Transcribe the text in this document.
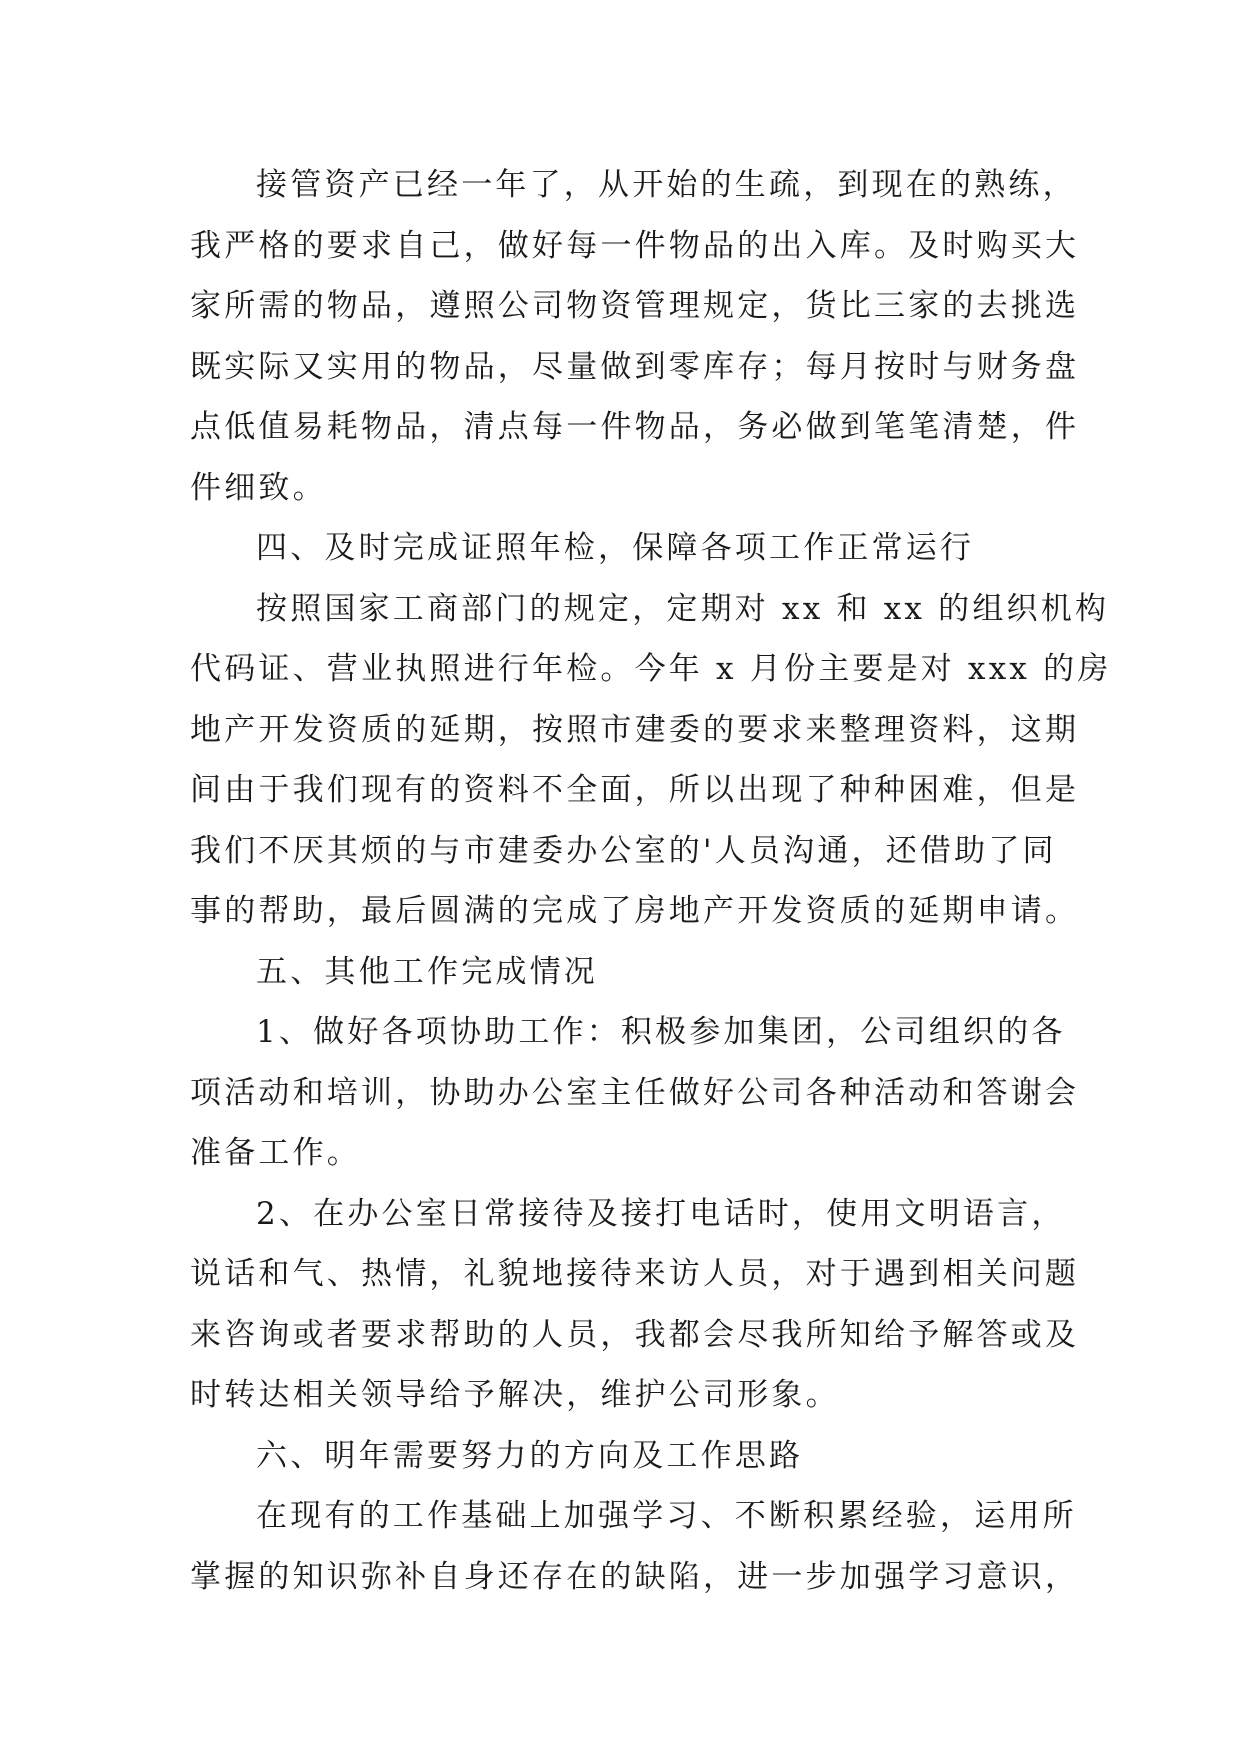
接管资产已经一年了，从开始的生疏，到现在的熟练，
我严格的要求自己，做好每一件物品的出入库。及时购买大
家所需的物品，遵照公司物资管理规定，货比三家的去挑选
既实际又实用的物品，尽量做到零库存；每月按时与财务盘
点低值易耗物品，清点每一件物品，务必做到笔笔清楚，件
件细致。
四、及时完成证照年检，保障各项工作正常运行
按照国家工商部门的规定，定期对 xx 和 xx 的组织机构
代码证、营业执照进行年检。今年 x 月份主要是对 xxx 的房
地产开发资质的延期，按照市建委的要求来整理资料，这期
间由于我们现有的资料不全面，所以出现了种种困难，但是
我们不厌其烦的与市建委办公室的'人员沟通，还借助了同
事的帮助，最后圆满的完成了房地产开发资质的延期申请。
五、其他工作完成情况
1、做好各项协助工作：积极参加集团，公司组织的各
项活动和培训，协助办公室主任做好公司各种活动和答谢会
准备工作。
2、在办公室日常接待及接打电话时，使用文明语言，
说话和气、热情，礼貌地接待来访人员，对于遇到相关问题
来咨询或者要求帮助的人员，我都会尽我所知给予解答或及
时转达相关领导给予解决，维护公司形象。
六、明年需要努力的方向及工作思路
在现有的工作基础上加强学习、不断积累经验，运用所
掌握的知识弥补自身还存在的缺陷，进一步加强学习意识，
